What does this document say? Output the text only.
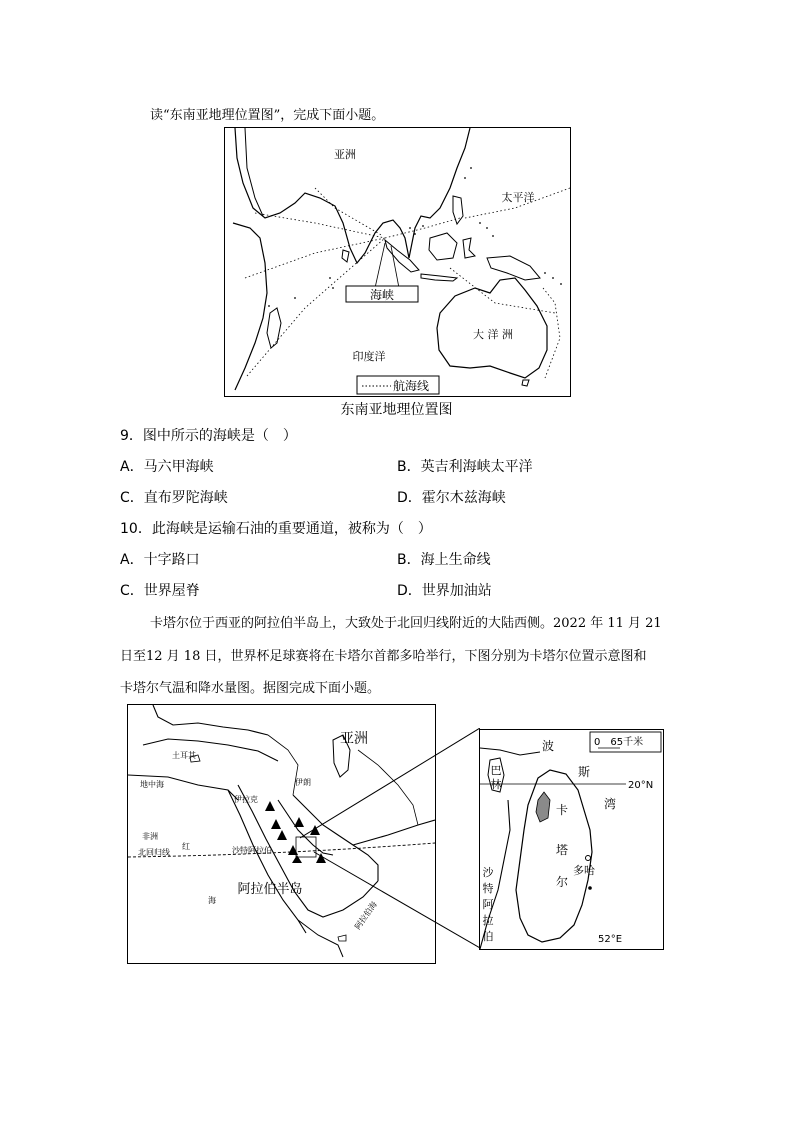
读“东南亚地理位置图”，完成下面小题。
海峡
亚洲
太平洋
大 洋 洲
印度洋
航海线
东南亚地理位置图
9．图中所示的海峡是（　）
A．马六甲海峡	B．英吉利海峡太平洋
C．直布罗陀海峡	D．霍尔木兹海峡
10．此海峡是运输石油的重要通道，被称为（　）
A．十字路口	B．海上生命线
C．世界屋脊	D．世界加油站
卡塔尔位于西亚的阿拉伯半岛上，大致处于北回归线附近的大陆西侧。2022 年 11 月 21
日至12 月 18 日，世界杯足球赛将在卡塔尔首都多哈举行，下图分别为卡塔尔位置示意图和
卡塔尔气温和降水量图。据图完成下面小题。
亚洲
土耳其
地中海	伊朗
伊拉克
非洲
红
海
沙特阿拉伯
北回归线
阿拉伯半岛
阿拉伯海
0　65千米
20°N
波
斯
湾
巴
林
卡
塔
尔
多哈
沙
特
阿
拉
伯	52°E
